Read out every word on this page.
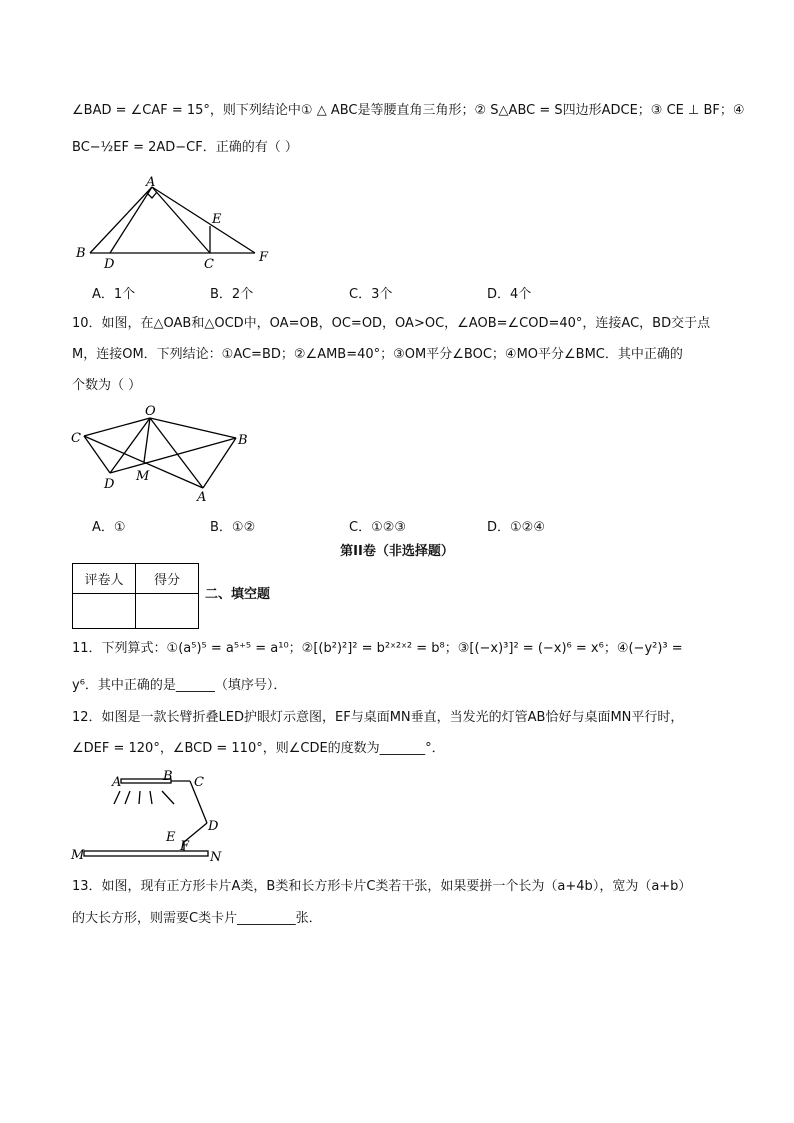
∠BAD = ∠CAF = 15°，则下列结论中① △ ABC是等腰直角三角形；② S△ABC = S四边形ADCE；③ CE ⊥ BF；④
BC−½EF = 2AD−CF．正确的有（ ）
A
E
B
D	C	F
A．1个	B．2个	C．3个	D．4个
10．如图，在△OAB和△OCD中，OA=OB，OC=OD，OA>OC，∠AOB=∠COD=40°，连接AC，BD交于点
M，连接OM．下列结论：①AC=BD；②∠AMB=40°；③OM平分∠BOC；④MO平分∠BMC．其中正确的
个数为（ ）
O
C	B
M
D
A
A．①	B．①②	C．①②③	D．①②④
第II卷（非选择题）
评卷人	得分

二、填空题
11．下列算式：①(a⁵)⁵ = a⁵⁺⁵ = a¹⁰；②[(b²)²]² = b²ˣ²ˣ² = b⁸；③[(−x)³]² = (−x)⁶ = x⁶；④(−y²)³ =
y⁶．其中正确的是______（填序号）．
12．如图是一款长臂折叠LED护眼灯示意图，EF与桌面MN垂直，当发光的灯管AB恰好与桌面MN平行时，
∠DEF = 120°，∠BCD = 110°，则∠CDE的度数为_______°．
A	B C
D
E
F
M	N
13．如图，现有正方形卡片A类，B类和长方形卡片C类若干张，如果要拼一个长为（a+4b），宽为（a+b）
的大长方形，则需要C类卡片_________张．
